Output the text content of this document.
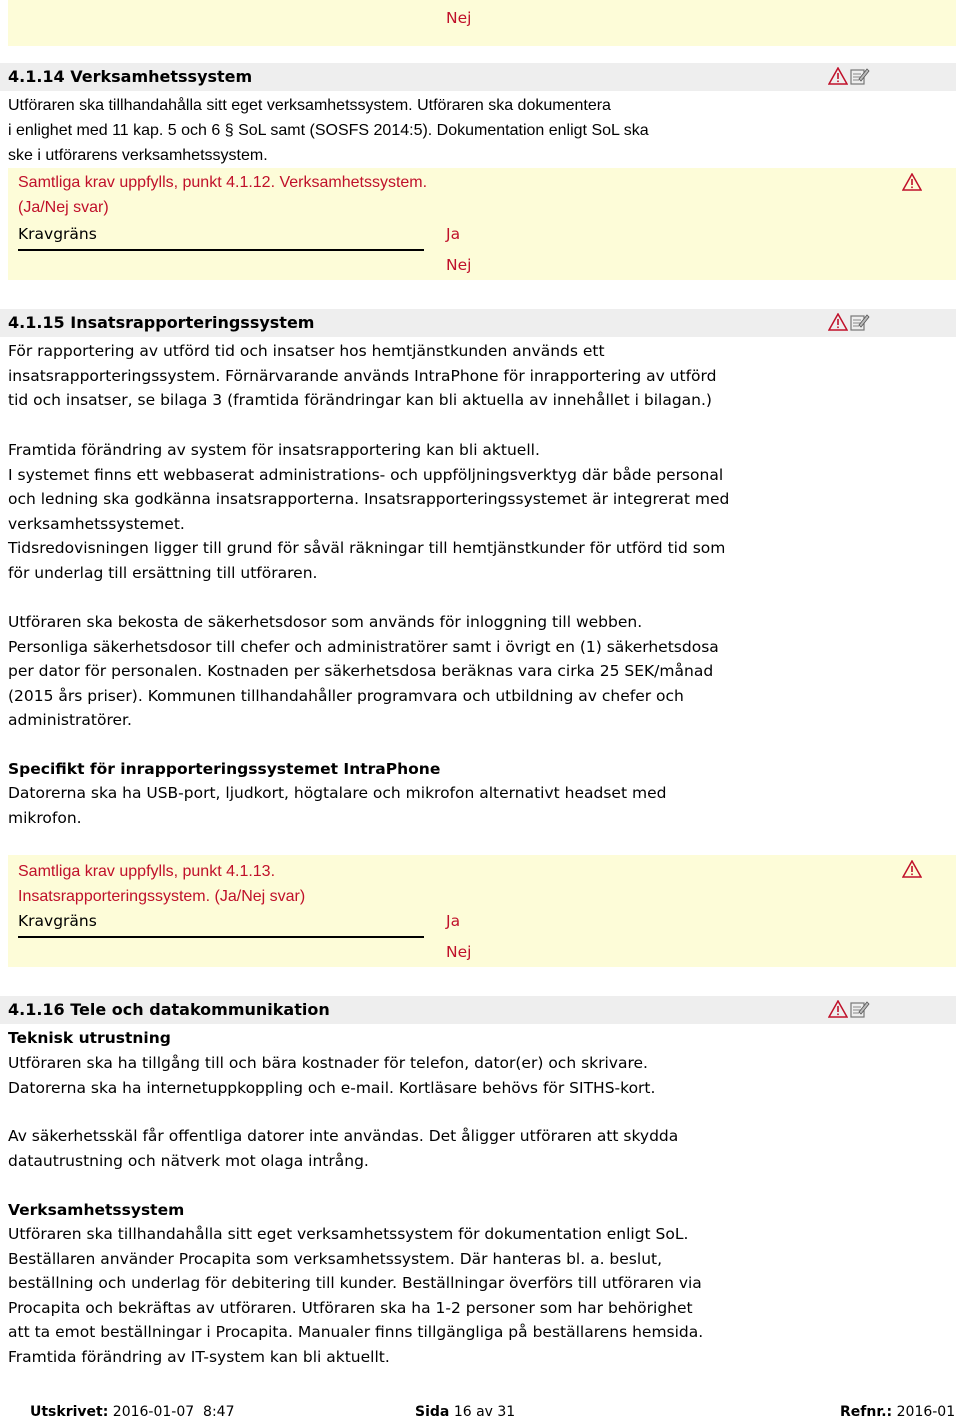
Nej
4.1.14 Verksamhetssystem
Utföraren ska tillhandahålla sitt eget verksamhetssystem. Utföraren ska dokumentera
i enlighet med 11 kap. 5 och 6 § SoL samt (SOSFS 2014:5). Dokumentation enligt SoL ska
ske i utförarens verksamhetssystem.
Samtliga krav uppfylls, punkt 4.1.12. Verksamhetssystem.
(Ja/Nej svar)
Kravgräns	Ja
Nej
4.1.15 Insatsrapporteringssystem
För rapportering av utförd tid och insatser hos hemtjänstkunden används ett
insatsrapporteringssystem. Förnärvarande används IntraPhone för inrapportering av utförd
tid och insatser, se bilaga 3 (framtida förändringar kan bli aktuella av innehållet i bilagan.)
Framtida förändring av system för insatsrapportering kan bli aktuell.
I systemet finns ett webbaserat administrations- och uppföljningsverktyg där både personal
och ledning ska godkänna insatsrapporterna. Insatsrapporteringssystemet är integrerat med
verksamhetssystemet.
Tidsredovisningen ligger till grund för såväl räkningar till hemtjänstkunder för utförd tid som
för underlag till ersättning till utföraren.
Utföraren ska bekosta de säkerhetsdosor som används för inloggning till webben.
Personliga säkerhetsdosor till chefer och administratörer samt i övrigt en (1) säkerhetsdosa
per dator för personalen. Kostnaden per säkerhetsdosa beräknas vara cirka 25 SEK/månad
(2015 års priser). Kommunen tillhandahåller programvara och utbildning av chefer och
administratörer.
Specifikt för inrapporteringssystemet IntraPhone
Datorerna ska ha USB-port, ljudkort, högtalare och mikrofon alternativt headset med
mikrofon.
Samtliga krav uppfylls, punkt 4.1.13.
Insatsrapporteringssystem. (Ja/Nej svar)
Kravgräns	Ja
Nej
4.1.16 Tele och datakommunikation
Teknisk utrustning
Utföraren ska ha tillgång till och bära kostnader för telefon, dator(er) och skrivare.
Datorerna ska ha internetuppkoppling och e-mail. Kortläsare behövs för SITHS-kort.
Av säkerhetsskäl får offentliga datorer inte användas. Det åligger utföraren att skydda
datautrustning och nätverk mot olaga intrång.
Verksamhetssystem
Utföraren ska tillhandahålla sitt eget verksamhetssystem för dokumentation enligt SoL.
Beställaren använder Procapita som verksamhetssystem. Där hanteras bl. a. beslut,
beställning och underlag för debitering till kunder. Beställningar överförs till utföraren via
Procapita och bekräftas av utföraren. Utföraren ska ha 1-2 personer som har behörighet
att ta emot beställningar i Procapita. Manualer finns tillgängliga på beställarens hemsida.
Framtida förändring av IT-system kan bli aktuellt.
Utskrivet: 2016-01-07  8:47	Sida 16 av 31	Refnr.: 2016-01
